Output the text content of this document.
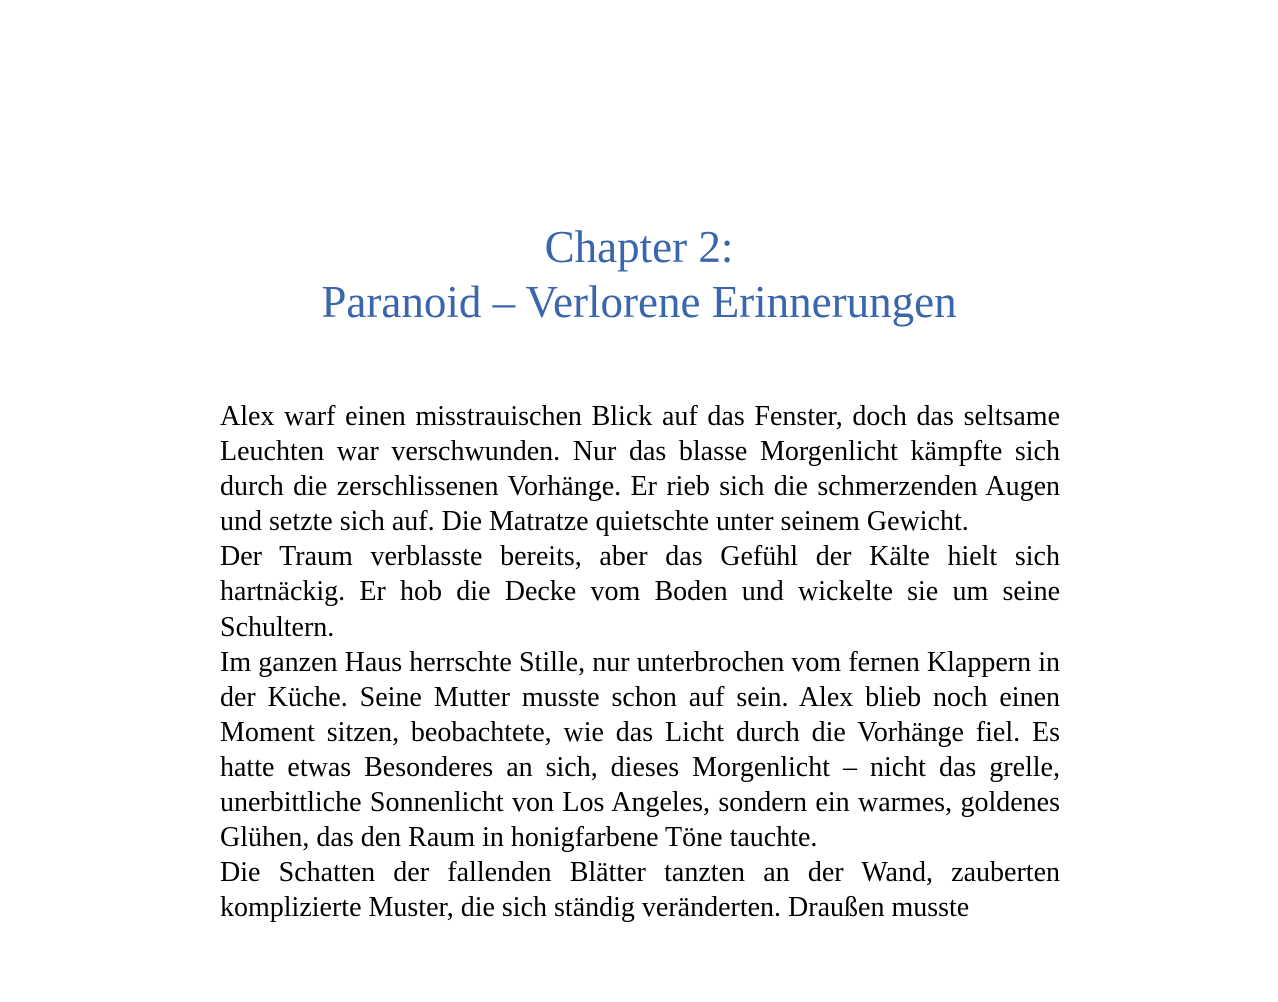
Chapter 2:
Paranoid – Verlorene Erinnerungen

Alex warf einen misstrauischen Blick auf das Fenster, doch das seltsame Leuchten war verschwunden. Nur das blasse Morgenlicht kämpfte sich durch die zerschlissenen Vorhänge. Er rieb sich die schmerzenden Augen und setzte sich auf. Die Matratze quietschte unter seinem Gewicht.

Der Traum verblasste bereits, aber das Gefühl der Kälte hielt sich hartnäckig. Er hob die Decke vom Boden und wickelte sie um seine Schultern.

Im ganzen Haus herrschte Stille, nur unterbrochen vom fernen Klappern in der Küche. Seine Mutter musste schon auf sein. Alex blieb noch einen Moment sitzen, beobachtete, wie das Licht durch die Vorhänge fiel. Es hatte etwas Besonderes an sich, dieses Morgenlicht – nicht das grelle, unerbittliche Sonnenlicht von Los Angeles, sondern ein warmes, goldenes Glühen, das den Raum in honigfarbene Töne tauchte.

Die Schatten der fallenden Blätter tanzten an der Wand, zauberten komplizierte Muster, die sich ständig veränderten. Draußen musste
